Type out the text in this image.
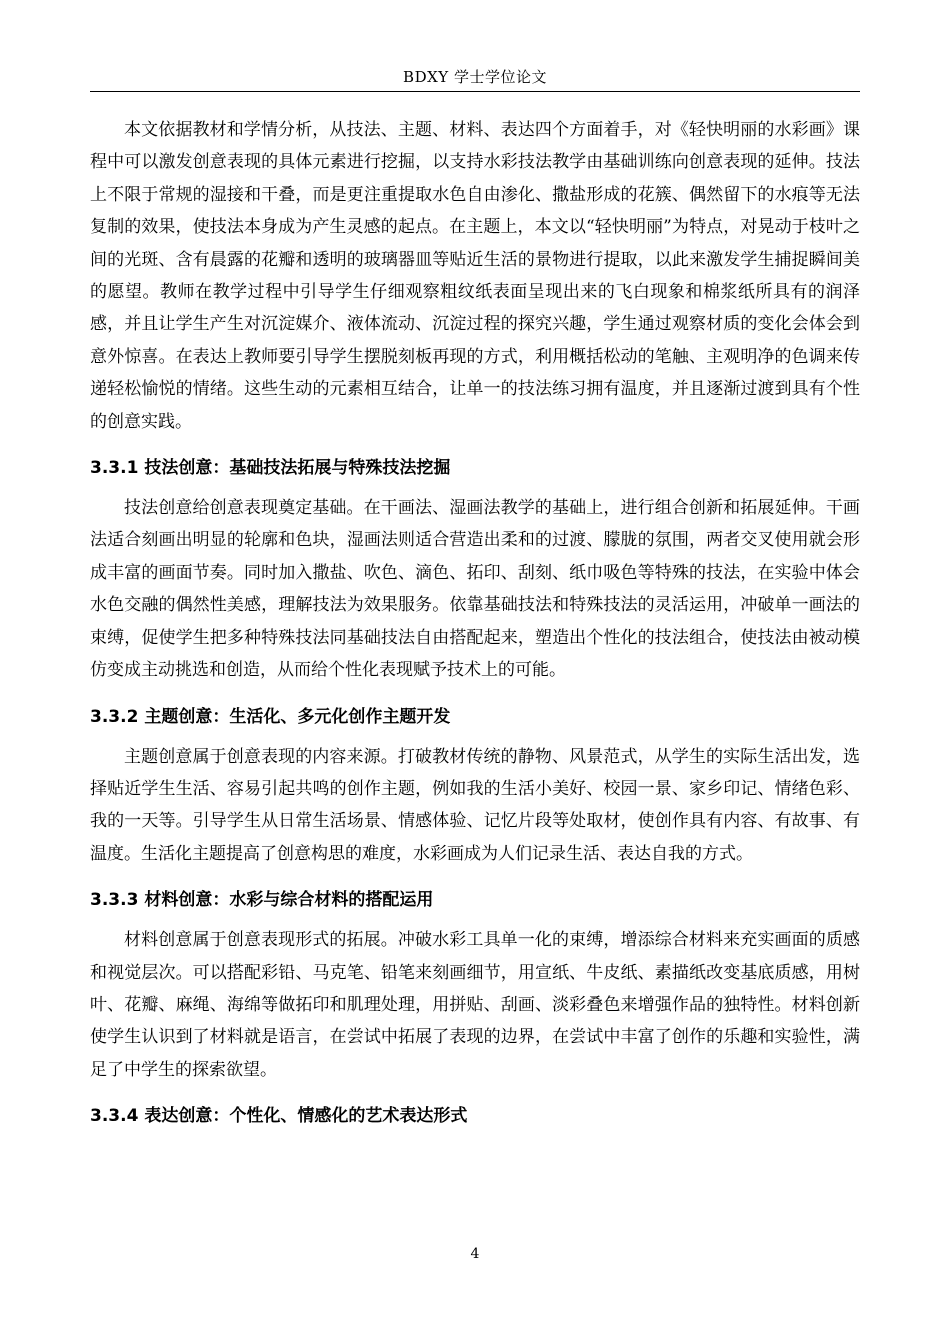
BDXY 学士学位论文

本文依据教材和学情分析，从技法、主题、材料、表达四个方面着手，对《轻快明丽的水彩画》课程中可以激发创意表现的具体元素进行挖掘，以支持水彩技法教学由基础训练向创意表现的延伸。技法上不限于常规的湿接和干叠，而是更注重提取水色自由渗化、撒盐形成的花簇、偶然留下的水痕等无法复制的效果，使技法本身成为产生灵感的起点。在主题上，本文以“轻快明丽”为特点，对晃动于枝叶之间的光斑、含有晨露的花瓣和透明的玻璃器皿等贴近生活的景物进行提取，以此来激发学生捕捉瞬间美的愿望。教师在教学过程中引导学生仔细观察粗纹纸表面呈现出来的飞白现象和棉浆纸所具有的润泽感，并且让学生产生对沉淀媒介、液体流动、沉淀过程的探究兴趣，学生通过观察材质的变化会体会到意外惊喜。在表达上教师要引导学生摆脱刻板再现的方式，利用概括松动的笔触、主观明净的色调来传递轻松愉悦的情绪。这些生动的元素相互结合，让单一的技法练习拥有温度，并且逐渐过渡到具有个性的创意实践。

3.3.1 技法创意：基础技法拓展与特殊技法挖掘

技法创意给创意表现奠定基础。在干画法、湿画法教学的基础上，进行组合创新和拓展延伸。干画法适合刻画出明显的轮廓和色块，湿画法则适合营造出柔和的过渡、朦胧的氛围，两者交叉使用就会形成丰富的画面节奏。同时加入撒盐、吹色、滴色、拓印、刮刻、纸巾吸色等特殊的技法，在实验中体会水色交融的偶然性美感，理解技法为效果服务。依靠基础技法和特殊技法的灵活运用，冲破单一画法的束缚，促使学生把多种特殊技法同基础技法自由搭配起来，塑造出个性化的技法组合，使技法由被动模仿变成主动挑选和创造，从而给个性化表现赋予技术上的可能。

3.3.2 主题创意：生活化、多元化创作主题开发

主题创意属于创意表现的内容来源。打破教材传统的静物、风景范式，从学生的实际生活出发，选择贴近学生生活、容易引起共鸣的创作主题，例如我的生活小美好、校园一景、家乡印记、情绪色彩、我的一天等。引导学生从日常生活场景、情感体验、记忆片段等处取材，使创作具有内容、有故事、有温度。生活化主题提高了创意构思的难度，水彩画成为人们记录生活、表达自我的方式。

3.3.3 材料创意：水彩与综合材料的搭配运用

材料创意属于创意表现形式的拓展。冲破水彩工具单一化的束缚，增添综合材料来充实画面的质感和视觉层次。可以搭配彩铅、马克笔、铅笔来刻画细节，用宣纸、牛皮纸、素描纸改变基底质感，用树叶、花瓣、麻绳、海绵等做拓印和肌理处理，用拼贴、刮画、淡彩叠色来增强作品的独特性。材料创新使学生认识到了材料就是语言，在尝试中拓展了表现的边界，在尝试中丰富了创作的乐趣和实验性，满足了中学生的探索欲望。

3.3.4 表达创意：个性化、情感化的艺术表达形式
4
